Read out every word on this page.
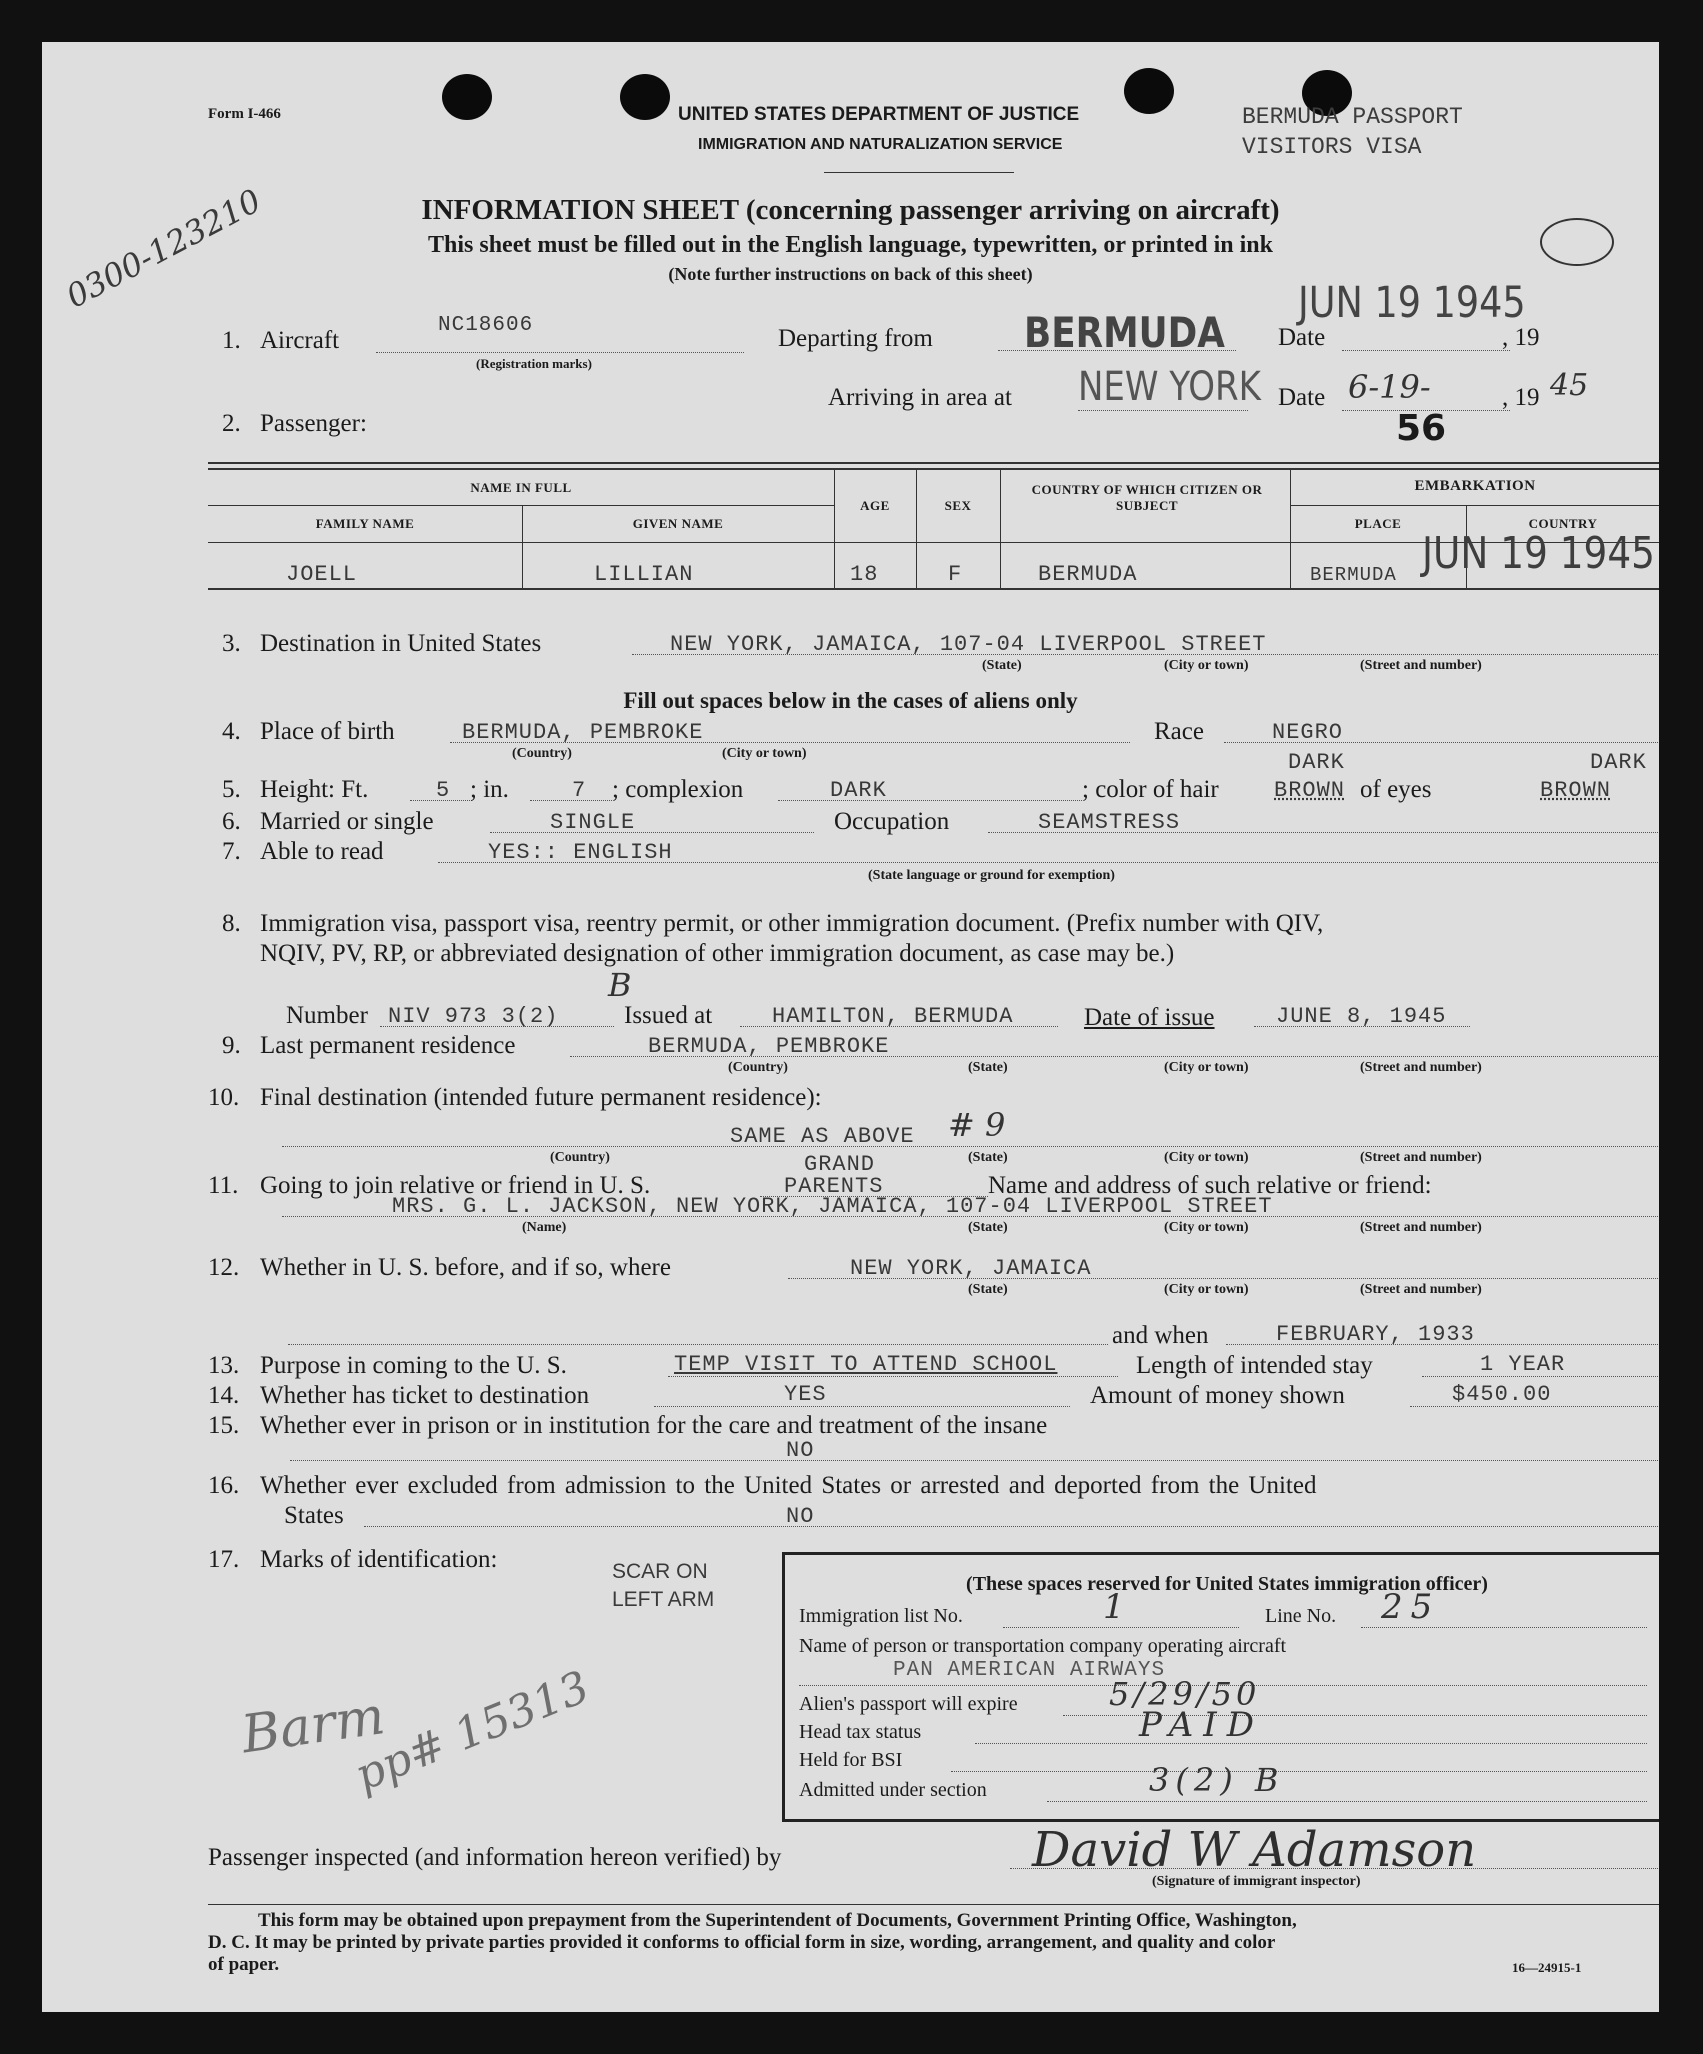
Form I-466	UNITED STATES DEPARTMENT OF JUSTICE
IMMIGRATION AND NATURALIZATION SERVICE
BERMUDA PASSPORT
VISITORS VISA
0300-123210	INFORMATION SHEET (concerning passenger arriving on aircraft)
This sheet must be filled out in the English language, typewritten, or printed in ink
(Note further instructions on back of this sheet)
1. Aircraft
NC18606
(Registration marks)
Departing from BERMUDA
JUN 19 1945
Date	, 19
Arriving in area at NEW YORK Date 6-19-	, 19 45
56
2. Passenger:
NAME IN FULL
FAMILY NAME	GIVEN NAME
AGE	SEX
COUNTRY OF WHICH CITIZEN OR SUBJECT
EMBARKATION
PLACE	COUNTRY
JOELL	LILLIAN	18	F	BERMUDA	BERMUDA JUN 19 1945
3. Destination in United States	NEW YORK, JAMAICA, 107-04 LIVERPOOL STREET
(State)	(City or town)	(Street and number)
Fill out spaces below in the cases of aliens only
4. Place of birth	BERMUDA, PEMBROKE
(Country)	(City or town)
Race	NEGRO
5. Height: Ft.	5 ; in.	7 ; complexion	DARK	; color of hair
DARK
BROWN of eyes
DARK
BROWN
6. Married or single	SINGLE	Occupation	SEAMSTRESS
7. Able to read	YES:: ENGLISH
(State language or ground for exemption)
8. Immigration visa, passport visa, reentry permit, or other immigration document. (Prefix number with QIV,
NQIV, PV, RP, or abbreviated designation of other immigration document, as case may be.)
Number NIV 973 3(2)
B
Issued at	HAMILTON, BERMUDA	Date of issue	JUNE 8, 1945
9. Last permanent residence	BERMUDA, PEMBROKE
(Country)	(State)	(City or town)	(Street and number)
10. Final destination (intended future permanent residence):
SAME AS ABOVE # 9
(Country)	(State)	(City or town)	(Street and number)
11. Going to join relative or friend in U. S.
GRAND
PARENTS	Name and address of such relative or friend:
MRS. G. L. JACKSON, NEW YORK, JAMAICA, 107-04 LIVERPOOL STREET
(Name)	(State)	(City or town)	(Street and number)
12. Whether in U. S. before, and if so, where	NEW YORK, JAMAICA
(State)	(City or town)	(Street and number)
and when	FEBRUARY, 1933
13. Purpose in coming to the U. S.	TEMP VISIT TO ATTEND SCHOOL	Length of intended stay	1 YEAR
14. Whether has ticket to destination	YES	Amount of money shown	$450.00
15. Whether ever in prison or in institution for the care and treatment of the insane
NO
16. Whether ever excluded from admission to the United States or arrested and deported from the United
States	NO
17. Marks of identification:	SCAR ON
LEFT ARM
Barm
pp# 15313
(These spaces reserved for United States immigration officer)
Immigration list No.	1	Line No. 25
Name of person or transportation company operating aircraft
PAN AMERICAN AIRWAYS
Alien's passport will expire	5/29/50
Head tax status	PAID
Held for BSI
Admitted under section	3(2) B
Passenger inspected (and information hereon verified) by	David W Adamson
(Signature of immigrant inspector)
This form may be obtained upon prepayment from the Superintendent of Documents, Government Printing Office, Washington,
D. C. It may be printed by private parties provided it conforms to official form in size, wording, arrangement, and quality and color
of paper.	16—24915-1
